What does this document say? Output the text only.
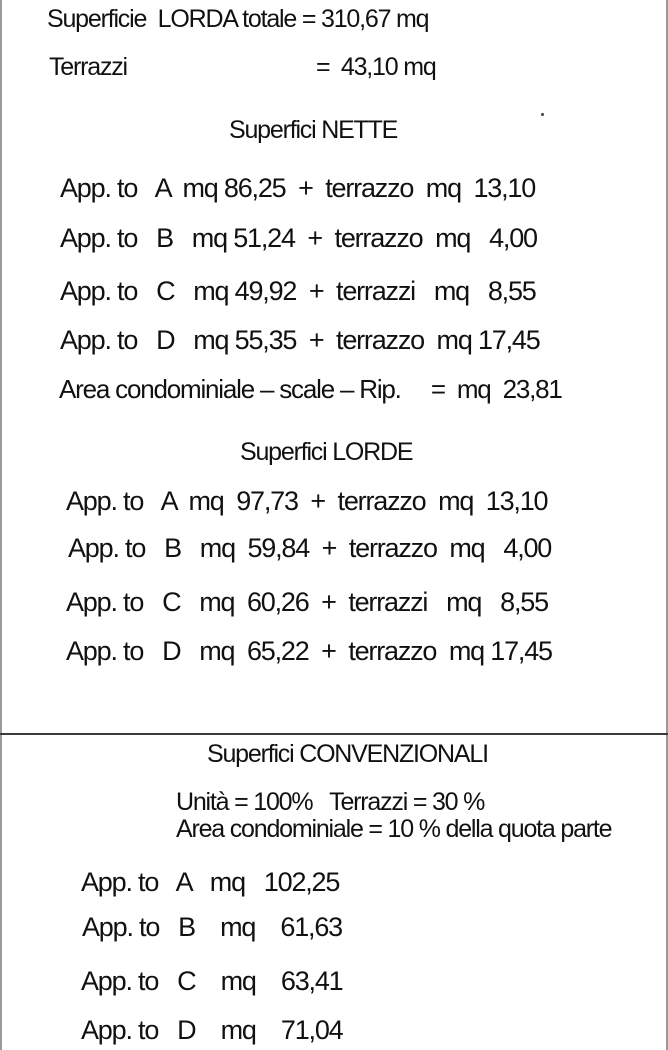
Superficie  LORDA totale = 310,67 mq
Terrazzi	=  43,10 mq
Superfici NETTE
App. to   A  mq 86,25  +  terrazzo  mq  13,10
App. to   B   mq 51,24  +  terrazzo  mq   4,00
App. to   C   mq 49,92  +  terrazzi   mq   8,55
App. to   D   mq 55,35  +  terrazzo  mq 17,45
Area condominiale – scale – Rip.     =  mq  23,81
Superfici LORDE
App. to   A  mq  97,73  +  terrazzo  mq  13,10
App. to   B   mq  59,84  +  terrazzo  mq   4,00
App. to   C   mq  60,26  +  terrazzi   mq   8,55
App. to   D   mq  65,22  +  terrazzo  mq 17,45
Superfici CONVENZIONALI
Unità = 100%   Terrazzi = 30 %
Area condominiale = 10 % della quota parte
App. to   A   mq   102,25
App. to   B    mq    61,63
App. to   C    mq    63,41
App. to   D    mq    71,04
